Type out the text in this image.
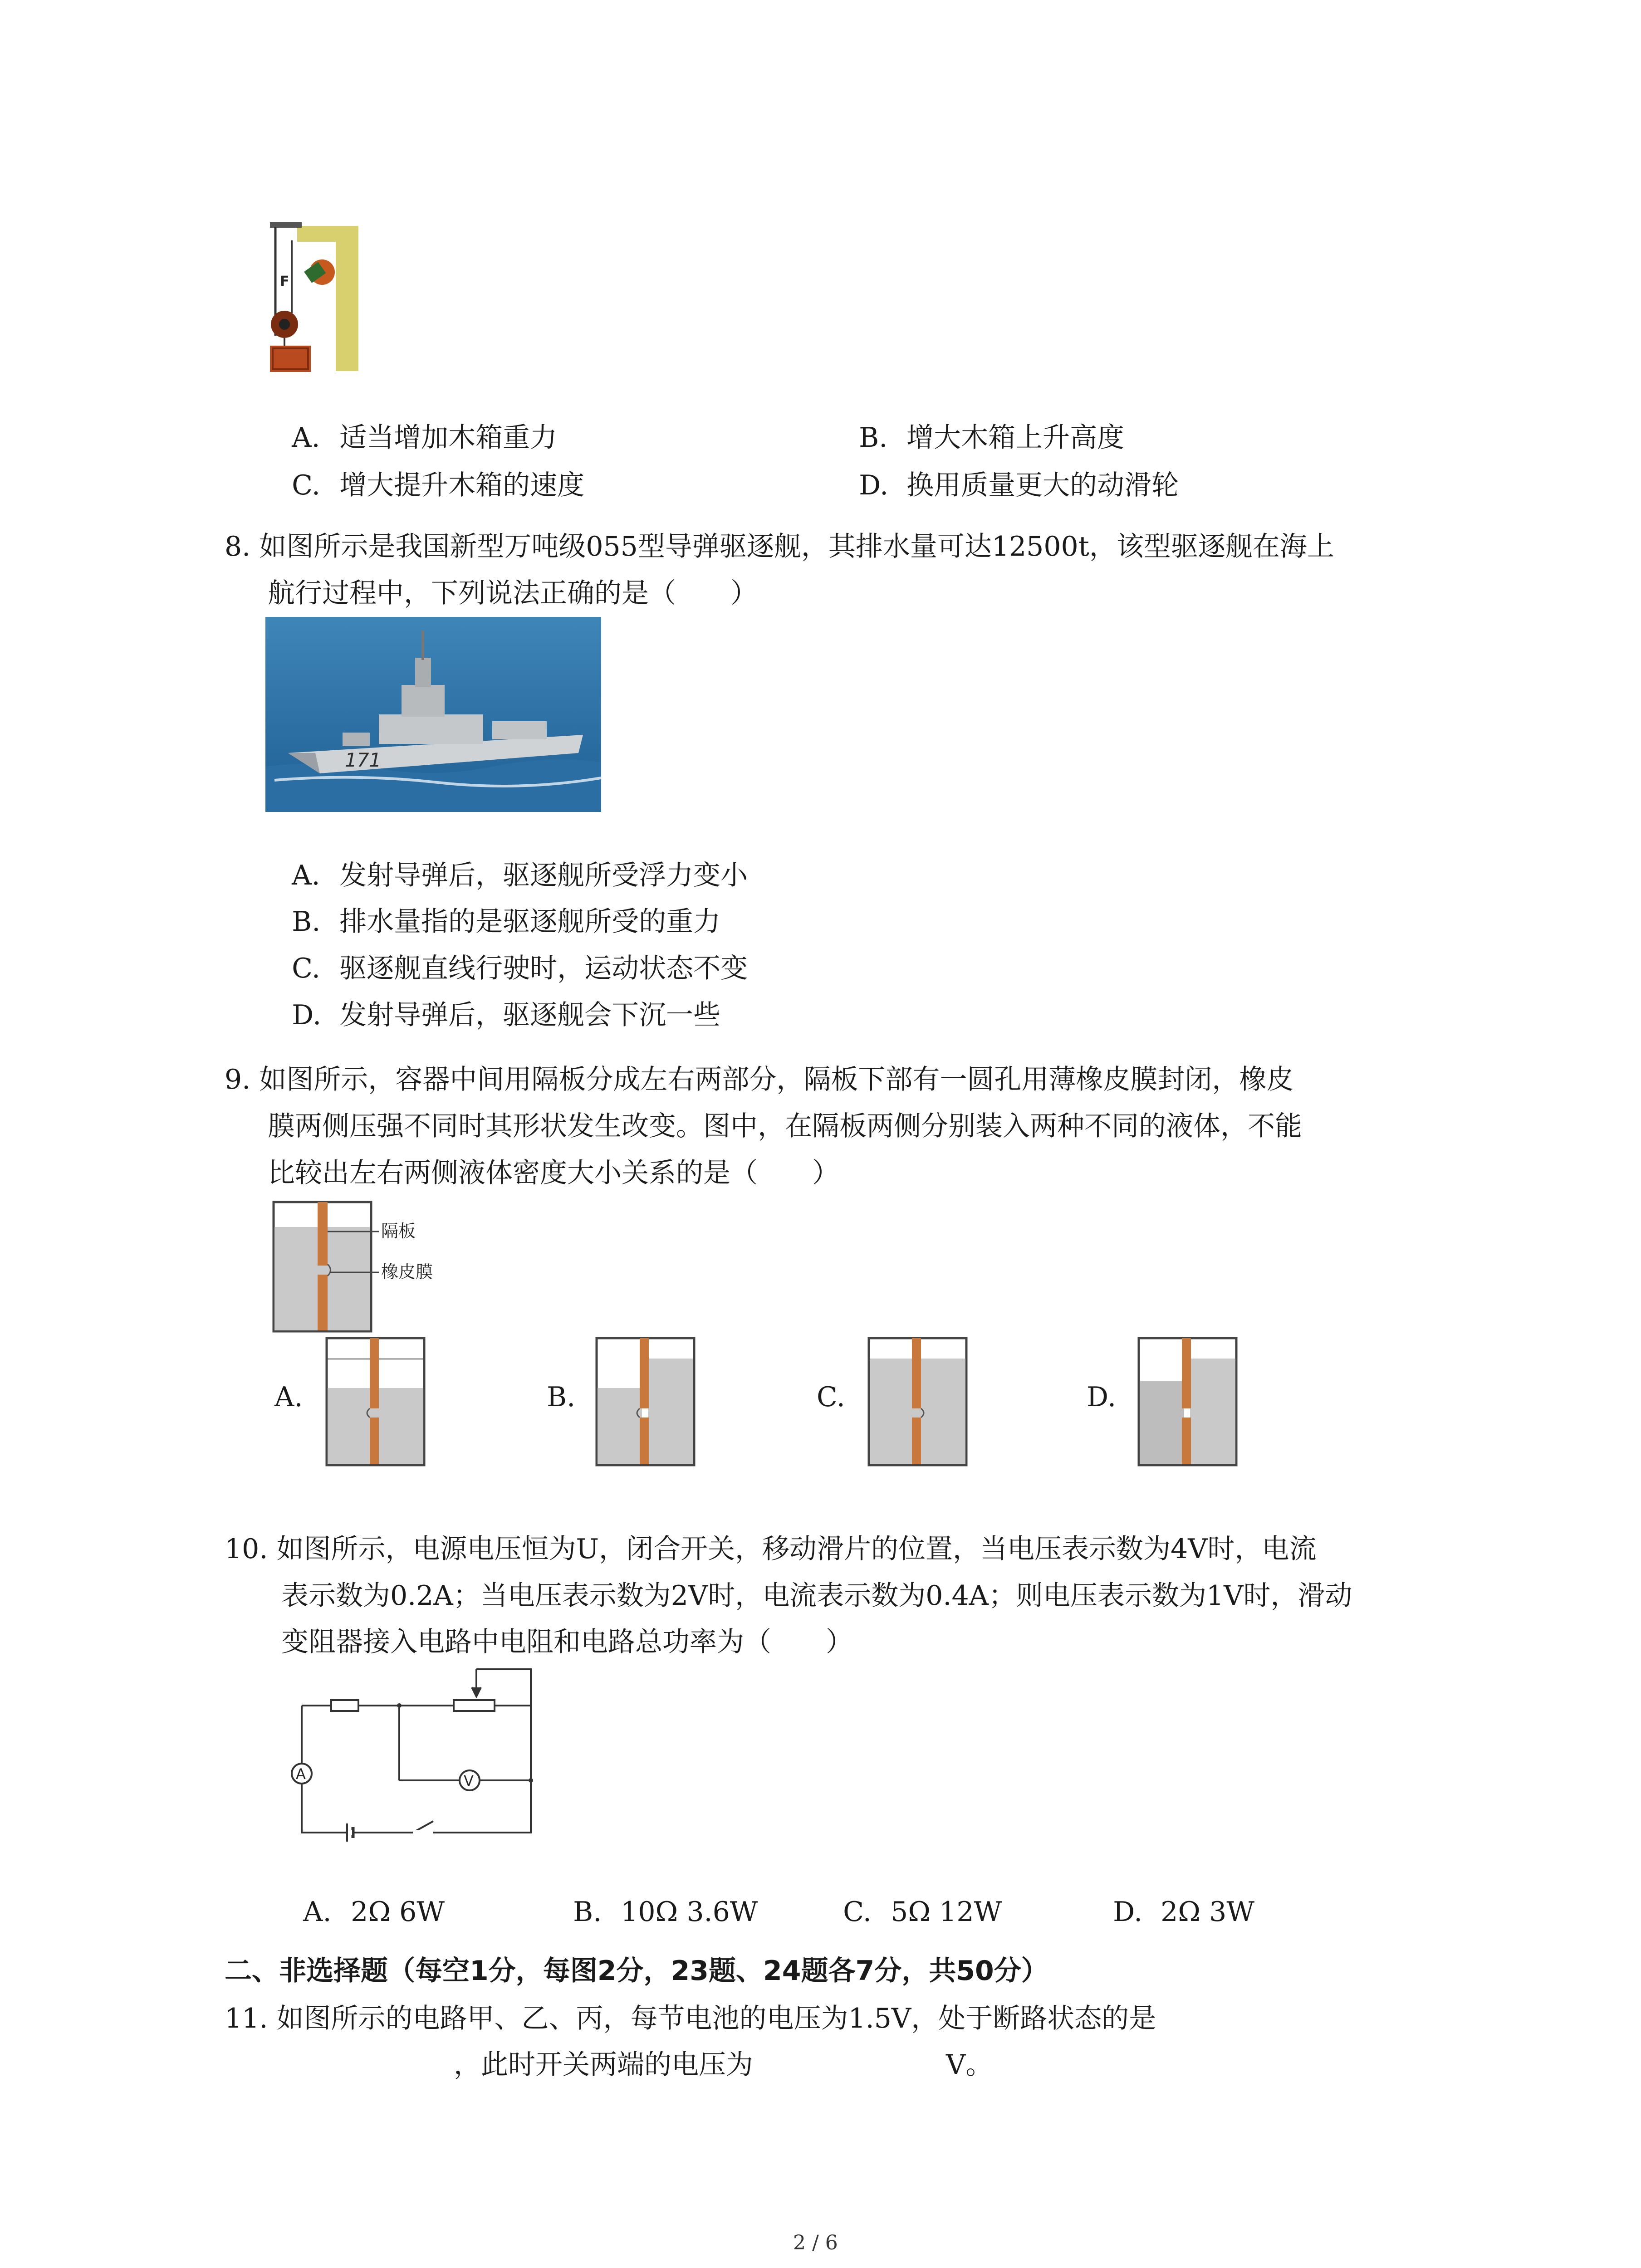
F

A. 适当增加木箱重力	B. 增大木箱上升高度

C. 增大提升木箱的速度	D. 换用质量更大的动滑轮

8. 如图所示是我国新型万吨级055型导弹驱逐舰，其排水量可达12500t，该型驱逐舰在海上
航行过程中，下列说法正确的是（　　）
171

A. 发射导弹后，驱逐舰所受浮力变小

B. 排水量指的是驱逐舰所受的重力

C. 驱逐舰直线行驶时，运动状态不变

D. 发射导弹后，驱逐舰会下沉一些

9. 如图所示，容器中间用隔板分成左右两部分，隔板下部有一圆孔用薄橡皮膜封闭，橡皮
膜两侧压强不同时其形状发生改变。图中，在隔板两侧分别装入两种不同的液体，不能
比较出左右两侧液体密度大小关系的是（　　）
隔板
橡皮膜
A.	B.	C.	D.
10. 如图所示，电源电压恒为U，闭合开关，移动滑片的位置，当电压表示数为4V时，电流
表示数为0.2A；当电压表示数为2V时，电流表示数为0.4A；则电压表示数为1V时，滑动
变阻器接入电路中电阻和电路总功率为（　　）
A	V

A. 2Ω 6W	B. 10Ω 3.6W	C. 5Ω 12W	D. 2Ω 3W

二、非选择题（每空1分，每图2分，23题、24题各7分，共50分）
11. 如图所示的电路甲、乙、丙，每节电池的电压为1.5V，处于断路状态的是
，此时开关两端的电压为	V。
2 / 6
